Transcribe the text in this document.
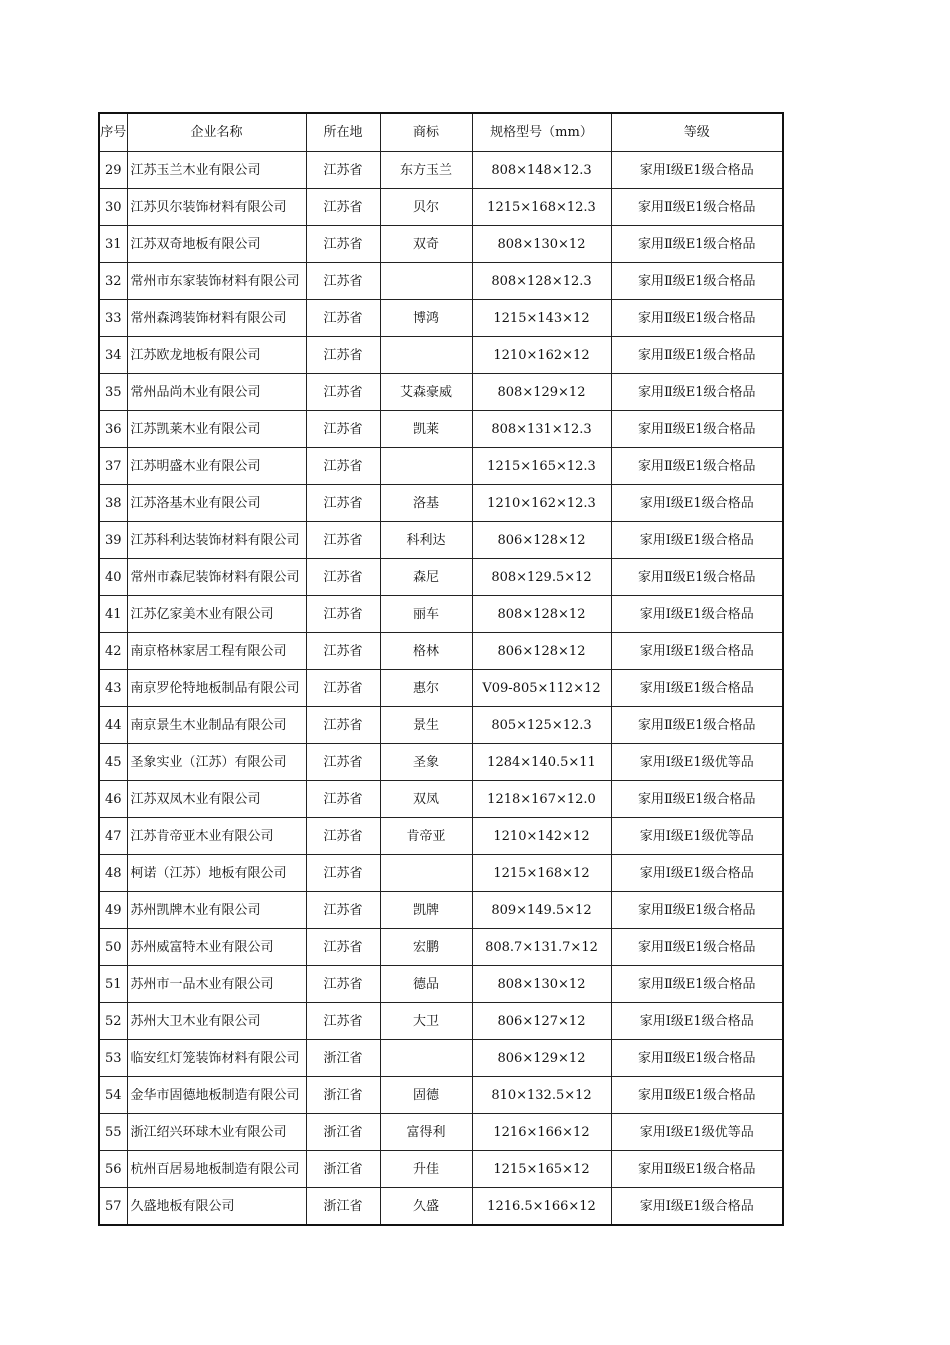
序号	企业名称	所在地	商标	规格型号（mm）	等级

29	江苏玉兰木业有限公司	江苏省	东方玉兰	808×148×12.3	家用Ⅰ级E1级合格品

30	江苏贝尔装饰材料有限公司	江苏省	贝尔	1215×168×12.3	家用Ⅱ级E1级合格品

31	江苏双奇地板有限公司	江苏省	双奇	808×130×12	家用Ⅱ级E1级合格品

32	常州市东家装饰材料有限公司	江苏省		808×128×12.3	家用Ⅱ级E1级合格品

33	常州森鸿装饰材料有限公司	江苏省	博鸿	1215×143×12	家用Ⅱ级E1级合格品

34	江苏欧龙地板有限公司	江苏省		1210×162×12	家用Ⅱ级E1级合格品

35	常州品尚木业有限公司	江苏省	艾森豪威	808×129×12	家用Ⅱ级E1级合格品

36	江苏凯莱木业有限公司	江苏省	凯莱	808×131×12.3	家用Ⅱ级E1级合格品

37	江苏明盛木业有限公司	江苏省		1215×165×12.3	家用Ⅱ级E1级合格品

38	江苏洛基木业有限公司	江苏省	洛基	1210×162×12.3	家用Ⅰ级E1级合格品

39	江苏科利达装饰材料有限公司	江苏省	科利达	806×128×12	家用Ⅰ级E1级合格品

40	常州市森尼装饰材料有限公司	江苏省	森尼	808×129.5×12	家用Ⅱ级E1级合格品

41	江苏亿家美木业有限公司	江苏省	丽车	808×128×12	家用Ⅰ级E1级合格品

42	南京格林家居工程有限公司	江苏省	格林	806×128×12	家用Ⅰ级E1级合格品

43	南京罗伦特地板制品有限公司	江苏省	惠尔	V09-805×112×12	家用Ⅰ级E1级合格品

44	南京景生木业制品有限公司	江苏省	景生	805×125×12.3	家用Ⅱ级E1级合格品

45	圣象实业（江苏）有限公司	江苏省	圣象	1284×140.5×11	家用Ⅰ级E1级优等品

46	江苏双凤木业有限公司	江苏省	双凤	1218×167×12.0	家用Ⅱ级E1级合格品

47	江苏肯帝亚木业有限公司	江苏省	肯帝亚	1210×142×12	家用Ⅰ级E1级优等品

48	柯诺（江苏）地板有限公司	江苏省		1215×168×12	家用Ⅰ级E1级合格品

49	苏州凯牌木业有限公司	江苏省	凯牌	809×149.5×12	家用Ⅱ级E1级合格品

50	苏州威富特木业有限公司	江苏省	宏鹏	808.7×131.7×12	家用Ⅱ级E1级合格品

51	苏州市一品木业有限公司	江苏省	德品	808×130×12	家用Ⅱ级E1级合格品

52	苏州大卫木业有限公司	江苏省	大卫	806×127×12	家用Ⅰ级E1级合格品

53	临安红灯笼装饰材料有限公司	浙江省		806×129×12	家用Ⅱ级E1级合格品

54	金华市固德地板制造有限公司	浙江省	固德	810×132.5×12	家用Ⅱ级E1级合格品

55	浙江绍兴环球木业有限公司	浙江省	富得利	1216×166×12	家用Ⅰ级E1级优等品

56	杭州百居易地板制造有限公司	浙江省	升佳	1215×165×12	家用Ⅱ级E1级合格品

57	久盛地板有限公司	浙江省	久盛	1216.5×166×12	家用Ⅰ级E1级合格品
